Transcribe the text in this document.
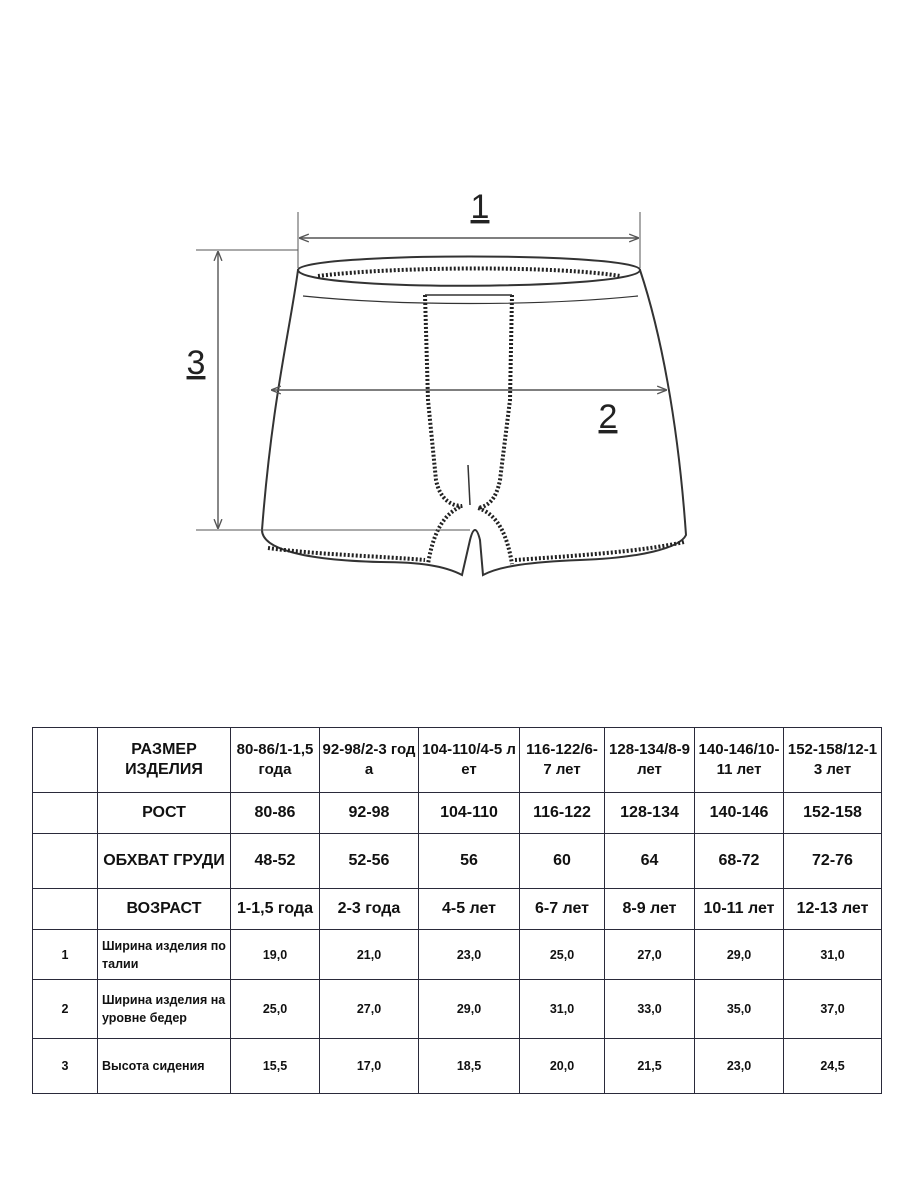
1
2
3
	РАЗМЕР ИЗДЕЛИЯ	80-86/1-1,5 года	92-98/2-3 года	104-110/4-5 лет	116-122/6-7 лет	128-134/8-9 лет	140-146/10-11 лет	152-158/12-13 лет
	РОСТ	80-86	92-98	104-110	116-122	128-134	140-146	152-158
	ОБХВАТ ГРУДИ	48-52	52-56	56	60	64	68-72	72-76
	ВОЗРАСТ	1-1,5 года	2-3 года	4-5 лет	6-7 лет	8-9 лет	10-11 лет	12-13 лет
1	Ширина изделия по талии	19,0	21,0	23,0	25,0	27,0	29,0	31,0
2	Ширина изделия на уровне бедер	25,0	27,0	29,0	31,0	33,0	35,0	37,0
3	Высота сидения	15,5	17,0	18,5	20,0	21,5	23,0	24,5
